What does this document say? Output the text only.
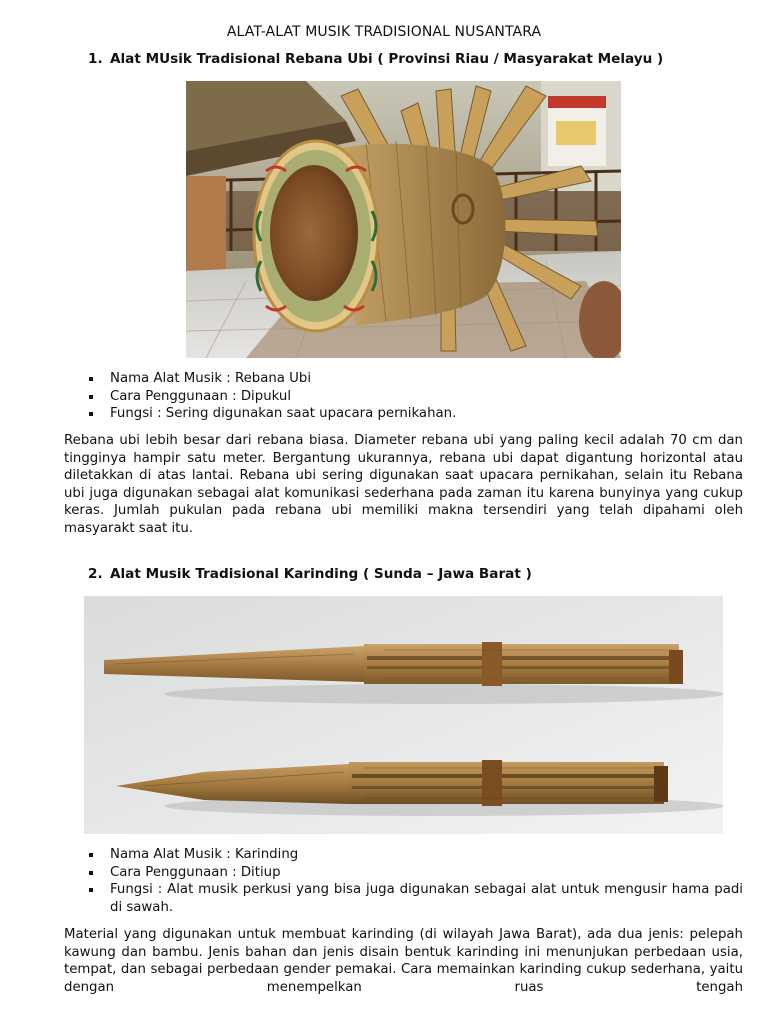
ALAT-ALAT MUSIK TRADISIONAL NUSANTARA
1. Alat MUsik Tradisional Rebana Ubi ( Provinsi Riau / Masyarakat Melayu )
Nama Alat Musik : Rebana Ubi
Cara Penggunaan : Dipukul
Fungsi : Sering digunakan saat upacara pernikahan.

Rebana ubi lebih besar dari rebana biasa. Diameter rebana ubi yang paling kecil adalah 70 cm dan tingginya hampir satu meter. Bergantung ukurannya, rebana ubi dapat digantung horizontal atau diletakkan di atas lantai. Rebana ubi sering digunakan saat upacara pernikahan, selain itu Rebana ubi juga digunakan sebagai alat komunikasi sederhana pada zaman itu karena bunyinya yang cukup keras. Jumlah pukulan pada rebana ubi memiliki makna tersendiri yang telah dipahami oleh masyarakt saat itu.

2. Alat Musik Tradisional Karinding ( Sunda – Jawa Barat )
Nama Alat Musik : Karinding
Cara Penggunaan : Ditiup
Fungsi : Alat musik perkusi yang bisa juga digunakan sebagai alat untuk mengusir hama padi di sawah.

Material yang digunakan untuk membuat karinding (di wilayah Jawa Barat), ada dua jenis: pelepah kawung dan bambu. Jenis bahan dan jenis disain bentuk karinding ini menunjukan perbedaan usia, tempat, dan sebagai perbedaan gender pemakai. Cara memainkan karinding cukup sederhana, yaitu dengan menempelkan ruas tengah
